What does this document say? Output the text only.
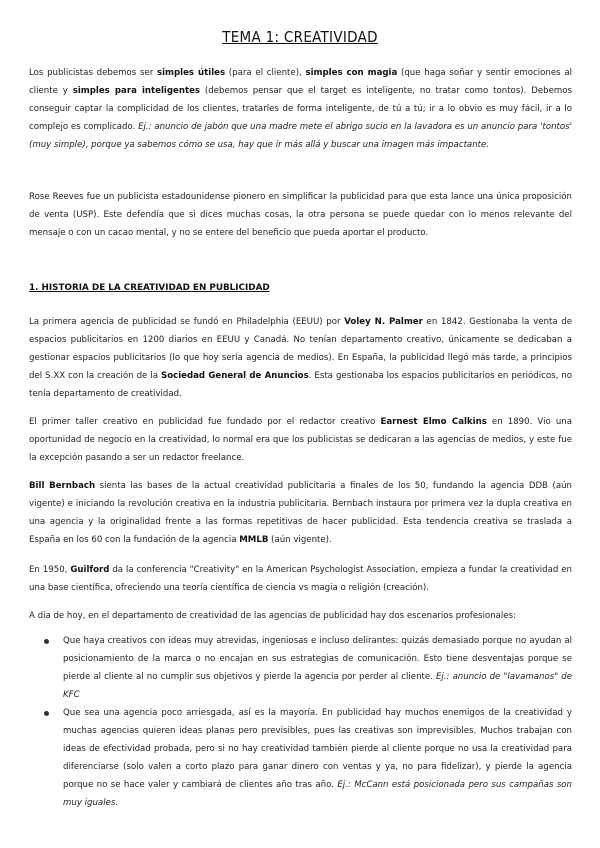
TEMA 1: CREATIVIDAD

Los publicistas debemos ser simples útiles (para el cliente), simples con magia (que haga soñar y sentir emociones al cliente y simples para inteligentes (debemos pensar que el target es inteligente, no tratar como tontos). Debemos conseguir captar la complicidad de los clientes, tratarles de forma inteligente, de tú a tú; ir a lo obvio es muy fácil, ir a lo complejo es complicado. Ej.: anuncio de jabón que una madre mete el abrigo sucio en la lavadora es un anuncio para 'tontos' (muy simple), porque ya sabemos cómo se usa, hay que ir más allá y buscar una imagen más impactante.

Rose Reeves fue un publicista estadounidense pionero en simplificar la publicidad para que esta lance una única proposición de venta (USP). Este defendía que si dices muchas cosas, la otra persona se puede quedar con lo menos relevante del mensaje o con un cacao mental, y no se entere del beneficio que pueda aportar el producto.

1. HISTORIA DE LA CREATIVIDAD EN PUBLICIDAD

La primera agencia de publicidad se fundó en Philadelphia (EEUU) por Voley N. Palmer en 1842. Gestionaba la venta de espacios publicitarios en 1200 diarios en EEUU y Canadá. No tenían departamento creativo, únicamente se dedicaban a gestionar espacios publicitarios (lo que hoy sería agencia de medios). En España, la publicidad llegó más tarde, a principios del S.XX con la creación de la Sociedad General de Anuncios. Esta gestionaba los espacios publicitarios en periódicos, no tenía departamento de creatividad.

El primer taller creativo en publicidad fue fundado por el redactor creativo Earnest Elmo Calkins en 1890. Vio una oportunidad de negocio en la creatividad, lo normal era que los publicistas se dedicaran a las agencias de medios, y este fue la excepción pasando a ser un redactor freelance.

Bill Bernbach sienta las bases de la actual creatividad publicitaria a finales de los 50, fundando la agencia DDB (aún vigente) e iniciando la revolución creativa en la industria publicitaria. Bernbach instaura por primera vez la dupla creativa en una agencia y la originalidad frente a las formas repetitivas de hacer publicidad. Esta tendencia creativa se traslada a España en los 60 con la fundación de la agencia MMLB (aún vigente).

En 1950, Guilford da la conferencia "Creativity" en la American Psychologist Association, empieza a fundar la creatividad en una base científica, ofreciendo una teoría científica de ciencia vs magia o religión (creación).

A día de hoy, en el departamento de creatividad de las agencias de publicidad hay dos escenarios profesionales:

Que haya creativos con ideas muy atrevidas, ingeniosas e incluso delirantes: quizás demasiado porque no ayudan al posicionamiento de la marca o no encajan en sus estrategias de comunicación. Esto tiene desventajas porque se pierde al cliente al no cumplir sus objetivos y pierde la agencia por perder al cliente. Ej.: anuncio de "lavamanos" de KFC
Que sea una agencia poco arriesgada, así es la mayoría. En publicidad hay muchos enemigos de la creatividad y muchas agencias quieren ideas planas pero previsibles, pues las creativas son imprevisibles. Muchos trabajan con ideas de efectividad probada, pero si no hay creatividad también pierde al cliente porque no usa la creatividad para diferenciarse (solo valen a corto plazo para ganar dinero con ventas y ya, no para fidelizar), y pierde la agencia porque no se hace valer y cambiará de clientes año tras año. Ej.: McCann está posicionada pero sus campañas son muy iguales.
